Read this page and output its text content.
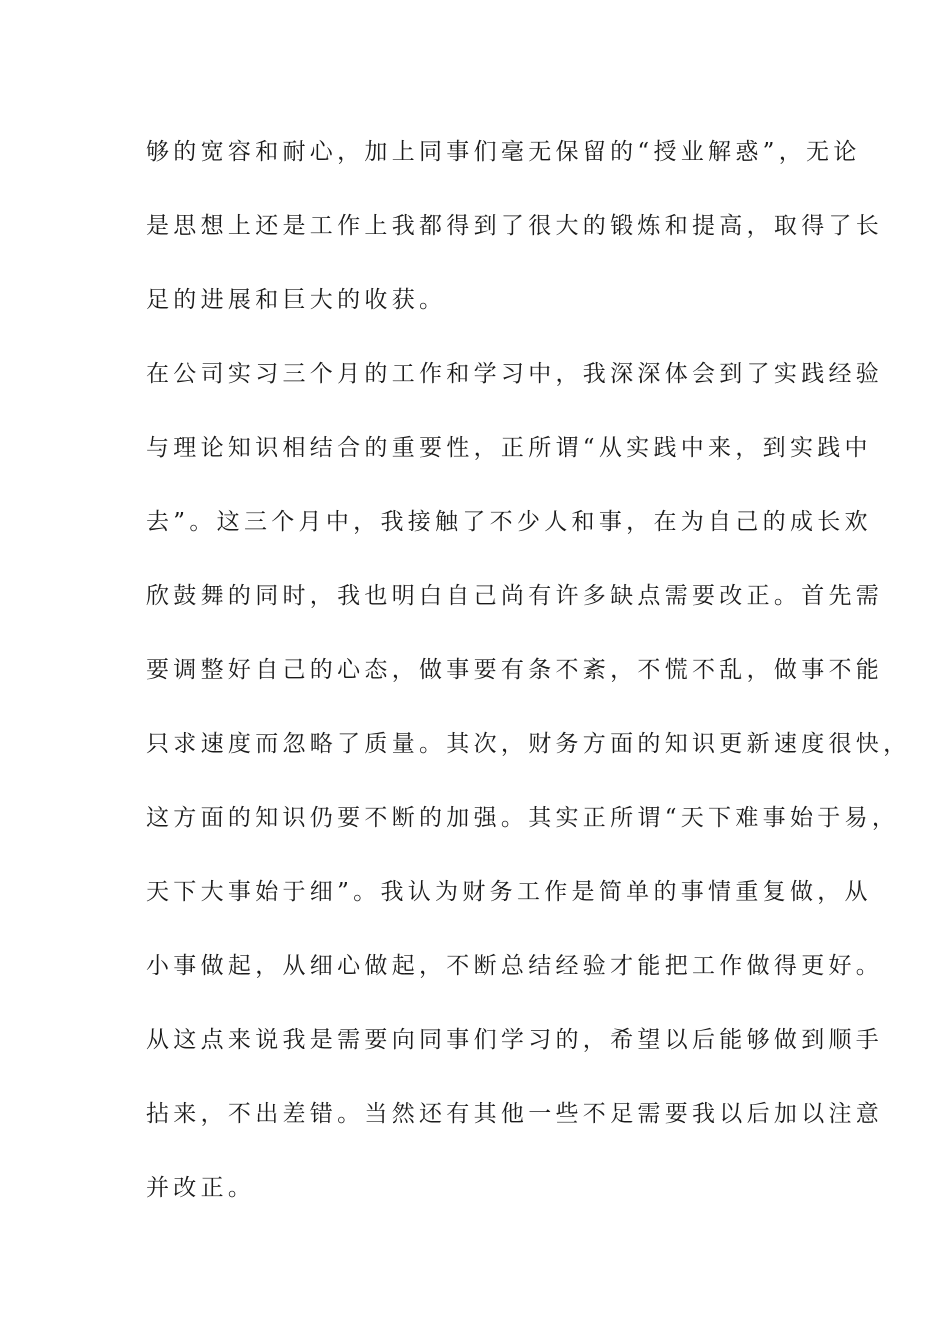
够的宽容和耐心，加上同事们毫无保留的“授业解惑”，无论
是思想上还是工作上我都得到了很大的锻炼和提高，取得了长
足的进展和巨大的收获。
在公司实习三个月的工作和学习中，我深深体会到了实践经验
与理论知识相结合的重要性，正所谓“从实践中来，到实践中
去”。这三个月中，我接触了不少人和事，在为自己的成长欢
欣鼓舞的同时，我也明白自己尚有许多缺点需要改正。首先需
要调整好自己的心态，做事要有条不紊，不慌不乱，做事不能
只求速度而忽略了质量。其次，财务方面的知识更新速度很快，
这方面的知识仍要不断的加强。其实正所谓“天下难事始于易，
天下大事始于细”。我认为财务工作是简单的事情重复做，从
小事做起，从细心做起，不断总结经验才能把工作做得更好。
从这点来说我是需要向同事们学习的，希望以后能够做到顺手
拈来，不出差错。当然还有其他一些不足需要我以后加以注意
并改正。
